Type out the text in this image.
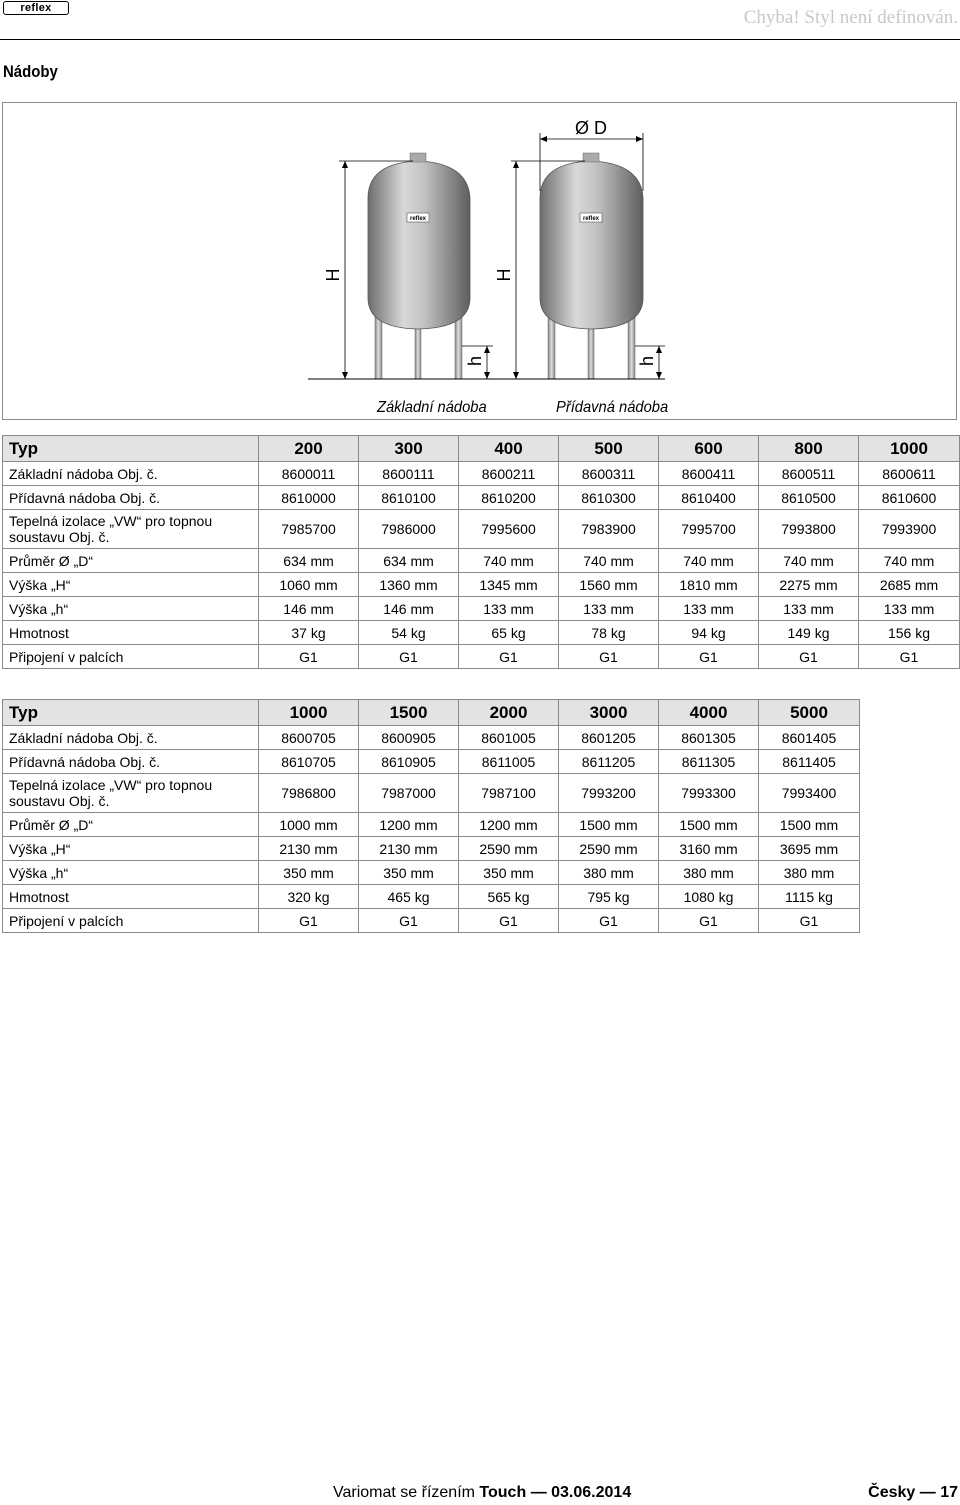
reflex	Chyba! Styl není definován.
Nádoby
reflex	reflex
Ø D
H	H
h	h
Základní nádoba	Přídavná nádoba
Typ	200	300	400	500	600	800	1000
Základní nádoba Obj. č.	8600011	8600111	8600211	8600311	8600411	8600511	8600611
Přídavná nádoba Obj. č.	8610000	8610100	8610200	8610300	8610400	8610500	8610600
Tepelná izolace „VW“ pro topnou soustavu Obj. č.	7985700	7986000	7995600	7983900	7995700	7993800	7993900
Průměr Ø „D“	634 mm	634 mm	740 mm	740 mm	740 mm	740 mm	740 mm
Výška „H“	1060 mm	1360 mm	1345 mm	1560 mm	1810 mm	2275 mm	2685 mm
Výška „h“	146 mm	146 mm	133 mm	133 mm	133 mm	133 mm	133 mm
Hmotnost	37 kg	54 kg	65 kg	78 kg	94 kg	149 kg	156 kg
Připojení v palcích	G1	G1	G1	G1	G1	G1	G1
Typ	1000	1500	2000	3000	4000	5000
Základní nádoba Obj. č.	8600705	8600905	8601005	8601205	8601305	8601405
Přídavná nádoba Obj. č.	8610705	8610905	8611005	8611205	8611305	8611405
Tepelná izolace „VW“ pro topnou soustavu Obj. č.	7986800	7987000	7987100	7993200	7993300	7993400
Průměr Ø „D“	1000 mm	1200 mm	1200 mm	1500 mm	1500 mm	1500 mm
Výška „H“	2130 mm	2130 mm	2590 mm	2590 mm	3160 mm	3695 mm
Výška „h“	350 mm	350 mm	350 mm	380 mm	380 mm	380 mm
Hmotnost	320 kg	465 kg	565 kg	795 kg	1080 kg	1115 kg
Připojení v palcích	G1	G1	G1	G1	G1	G1
Variomat se řízením Touch — 03.06.2014	Česky — 17
